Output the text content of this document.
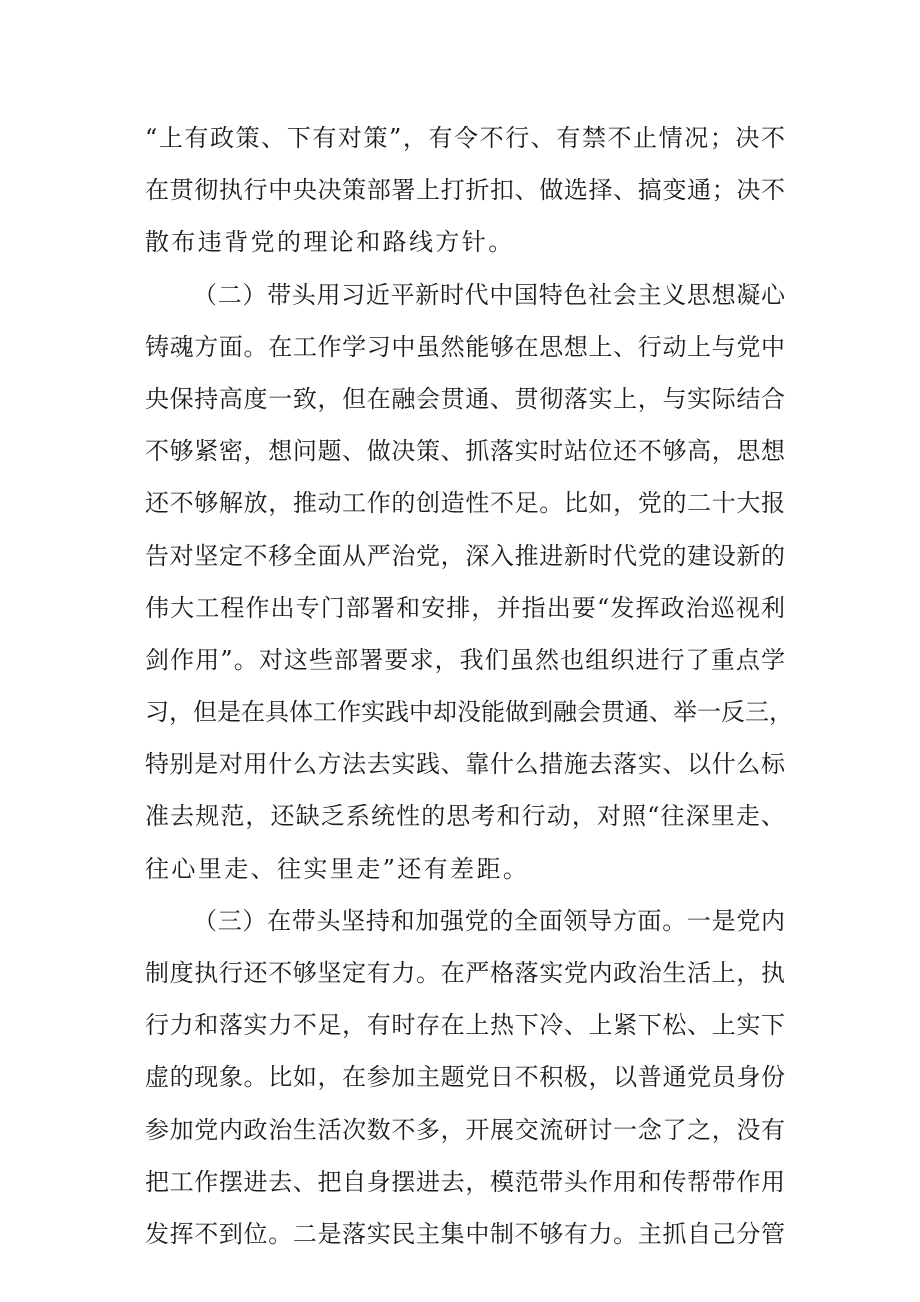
“上有政策、下有对策”，有令不行、有禁不止情况；决不
在贯彻执行中央决策部署上打折扣、做选择、搞变通；决不
散布违背党的理论和路线方针。
（二）带头用习近平新时代中国特色社会主义思想凝心
铸魂方面。在工作学习中虽然能够在思想上、行动上与党中
央保持高度一致，但在融会贯通、贯彻落实上，与实际结合
不够紧密，想问题、做决策、抓落实时站位还不够高，思想
还不够解放，推动工作的创造性不足。比如，党的二十大报
告对坚定不移全面从严治党，深入推进新时代党的建设新的
伟大工程作出专门部署和安排，并指出要“发挥政治巡视利
剑作用”。对这些部署要求，我们虽然也组织进行了重点学
习，但是在具体工作实践中却没能做到融会贯通、举一反三，
特别是对用什么方法去实践、靠什么措施去落实、以什么标
准去规范，还缺乏系统性的思考和行动，对照“往深里走、
往心里走、往实里走”还有差距。
（三）在带头坚持和加强党的全面领导方面。一是党内
制度执行还不够坚定有力。在严格落实党内政治生活上，执
行力和落实力不足，有时存在上热下冷、上紧下松、上实下
虚的现象。比如，在参加主题党日不积极，以普通党员身份
参加党内政治生活次数不多，开展交流研讨一念了之，没有
把工作摆进去、把自身摆进去，模范带头作用和传帮带作用
发挥不到位。二是落实民主集中制不够有力。主抓自己分管
